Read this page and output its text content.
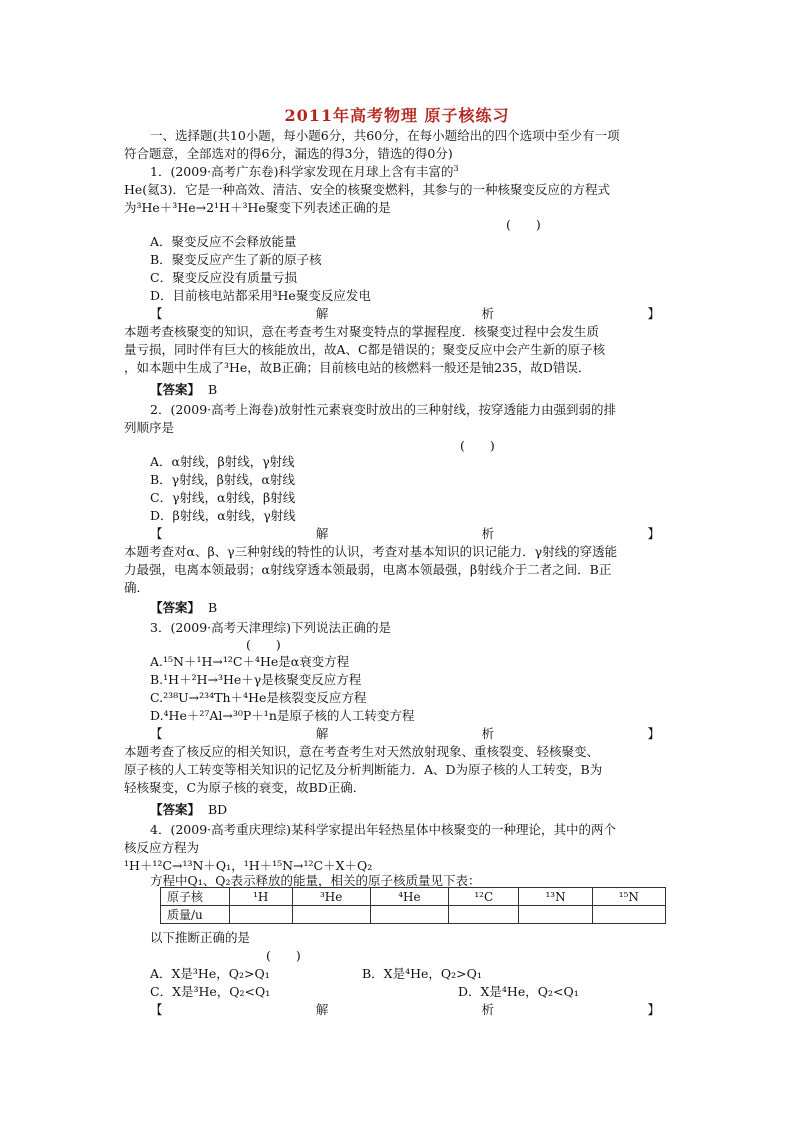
2011年高考物理 原子核练习
一、选择题(共10小题，每小题6分，共60分，在每小题给出的四个选项中至少有一项
符合题意，全部选对的得6分，漏选的得3分，错选的得0分)
1．(2009·高考广东卷)科学家发现在月球上含有丰富的$^3$
He(氦3)．它是一种高效、清洁、安全的核聚变燃料，其参与的一种核聚变反应的方程式
为³He＋³He→2¹H＋³He聚变下列表述正确的是
(　　)
A．聚变反应不会释放能量
B．聚变反应产生了新的原子核
C．聚变反应没有质量亏损
D．目前核电站都采用³He聚变反应发电
【	解	析	】
本题考查核聚变的知识，意在考查考生对聚变特点的掌握程度．核聚变过程中会发生质
量亏损，同时伴有巨大的核能放出，故A、C都是错误的；聚变反应中会产生新的原子核
，如本题中生成了³He，故B正确；目前核电站的核燃料一般还是铀235，故D错误．
【答案】 B
2．(2009·高考上海卷)放射性元素衰变时放出的三种射线，按穿透能力由强到弱的排
列顺序是
(　　)
A．α射线，β射线，γ射线
B．γ射线，β射线，α射线
C．γ射线，α射线，β射线
D．β射线，α射线，γ射线
【	解	析	】
本题考查对α、β、γ三种射线的特性的认识，考查对基本知识的识记能力．γ射线的穿透能
力最强，电离本领最弱；α射线穿透本领最弱，电离本领最强，β射线介于二者之间．B正
确．
【答案】 B
3．(2009·高考天津理综)下列说法正确的是
(　　)
A.¹⁵N＋¹H→¹²C＋⁴He是α衰变方程
B.¹H＋²H→³He＋γ是核聚变反应方程
C.²³⁸U→²³⁴Th＋⁴He是核裂变反应方程
D.⁴He＋²⁷Al→³⁰P＋¹n是原子核的人工转变方程
【	解	析	】
本题考查了核反应的相关知识，意在考查考生对天然放射现象、重核裂变、轻核聚变、
原子核的人工转变等相关知识的记忆及分析判断能力．A、D为原子核的人工转变，B为
轻核聚变，C为原子核的衰变，故BD正确．
【答案】 BD
4．(2009·高考重庆理综)某科学家提出年轻热星体中核聚变的一种理论，其中的两个
核反应方程为
¹H＋¹²C→¹³N＋Q₁，¹H＋¹⁵N→¹²C＋X＋Q₂
方程中Q₁、Q₂表示释放的能量，相关的原子核质量见下表：
原子核	¹H	³He	⁴He	¹²C	¹³N	¹⁵N
质量/u						
以下推断正确的是
(　　)
A．X是³He，Q₂>Q₁	B．X是⁴He，Q₂>Q₁
C．X是³He，Q₂<Q₁	D．X是⁴He，Q₂<Q₁
【	解	析	】
